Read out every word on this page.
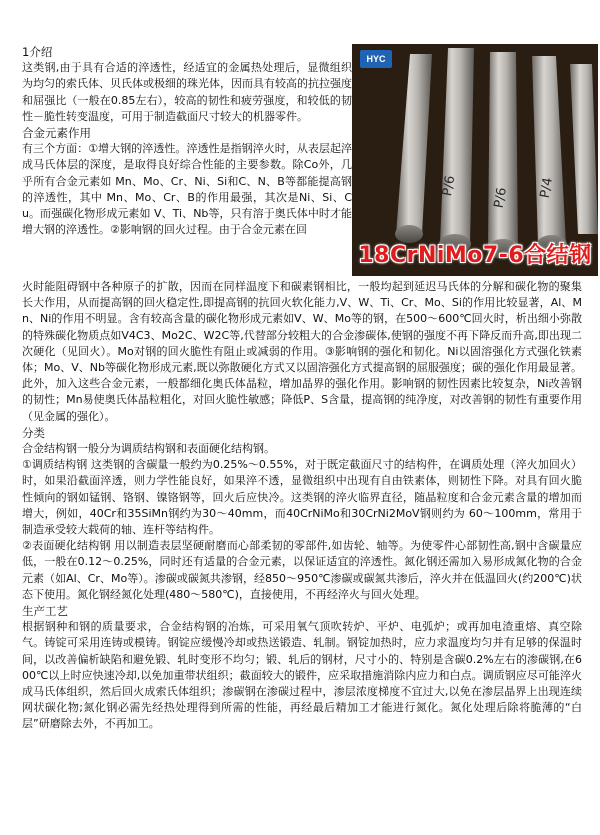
1介绍

这类钢,由于具有合适的淬透性，经适宜的金属热处理后，显微组织为均匀的索氏体、贝氏体或极细的珠光体，因而具有较高的抗拉强度和屈强比（一般在0.85左右），较高的韧性和疲劳强度，和较低的韧性－脆性转变温度，可用于制造截面尺寸较大的机器零件。

合金元素作用

有三个方面：①增大钢的淬透性。淬透性是指钢淬火时，从表层起淬成马氏体层的深度，是取得良好综合性能的主要参数。除Co外，几乎所有合金元素如 Mn、Mo、Cr、Ni、Si和C、N、B等都能提高钢的淬透性，其中 Mn、Mo、Cr、B的作用最强，其次是Ni、Si、Cu。而强碳化物形成元素如 V、Ti、Nb等，只有溶于奥氏体中时才能增大钢的淬透性。②影响钢的回火过程。由于合金元素在回

P/6
P/6 P/4
HYC
18CrNiMo7-6合结钢

火时能阻碍钢中各种原子的扩散，因而在同样温度下和碳素钢相比，一般均起到延迟马氏体的分解和碳化物的聚集长大作用，从而提高钢的回火稳定性,即提高钢的抗回火软化能力,V、W、Ti、Cr、Mo、Si的作用比较显著，Al、Mn、Ni的作用不明显。含有较高含量的碳化物形成元素如V、W、Mo等的钢，在500～600℃回火时，析出细小弥散的特殊碳化物质点如V4C3、Mo2C、W2C等,代替部分较粗大的合金渗碳体,使钢的强度不再下降反而升高,即出现二次硬化（见回火）。Mo对钢的回火脆性有阻止或减弱的作用。③影响钢的强化和韧化。Ni以固溶强化方式强化铁素体；Mo、V、Nb等碳化物形成元素,既以弥散硬化方式又以固溶强化方式提高钢的屈服强度；碳的强化作用最显著。此外，加入这些合金元素，一般都细化奥氏体晶粒，增加晶界的强化作用。影响钢的韧性因素比较复杂，Ni改善钢的韧性；Mn易使奥氏体晶粒粗化，对回火脆性敏感；降低P、S含量，提高钢的纯净度，对改善钢的韧性有重要作用（见金属的强化）。

分类

合金结构钢一般分为调质结构钢和表面硬化结构钢。

①调质结构钢 这类钢的含碳量一般约为0.25%～0.55%，对于既定截面尺寸的结构件，在调质处理（淬火加回火）时，如果沿截面淬透，则力学性能良好，如果淬不透，显微组织中出现有自由铁素体，则韧性下降。对具有回火脆性倾向的钢如锰钢、铬钢、镍铬钢等，回火后应快冷。这类钢的淬火临界直径，随晶粒度和合金元素含量的增加而增大，例如，40Cr和35SiMn钢约为30～40mm，而40CrNiMo和30CrNi2MoV钢则约为 60～100mm，常用于制造承受较大载荷的轴、连杆等结构件。

②表面硬化结构钢 用以制造表层坚硬耐磨而心部柔韧的零部件,如齿轮、轴等。为使零件心部韧性高,钢中含碳量应低，一般在0.12～0.25%，同时还有适量的合金元素，以保证适宜的淬透性。氮化钢还需加入易形成氮化物的合金元素（如Al、Cr、Mo等）。渗碳或碳氮共渗钢，经850～950℃渗碳或碳氮共渗后，淬火并在低温回火(约200℃)状态下使用。氮化钢经氮化处理(480～580℃)，直接使用，不再经淬火与回火处理。

生产工艺

根据钢种和钢的质量要求，合金结构钢的冶炼，可采用氧气顶吹转炉、平炉、电弧炉；或再加电渣重熔、真空除气。铸锭可采用连铸或模铸。钢锭应缓慢冷却或热送锻造、轧制。钢锭加热时，应力求温度均匀并有足够的保温时间，以改善偏析缺陷和避免锻、轧时变形不均匀；锻、轧后的钢材，尺寸小的、特别是含碳0.2%左右的渗碳钢,在600℃以上时应快速冷却,以免加重带状组织；截面较大的锻件，应采取措施消除内应力和白点。调质钢应尽可能淬火成马氏体组织，然后回火成索氏体组织；渗碳钢在渗碳过程中，渗层浓度梯度不宜过大,以免在渗层晶界上出现连续网状碳化物;氮化钢必需先经热处理得到所需的性能，再经最后精加工才能进行氮化。氮化处理后除将脆薄的“白层”研磨除去外，不再加工。
